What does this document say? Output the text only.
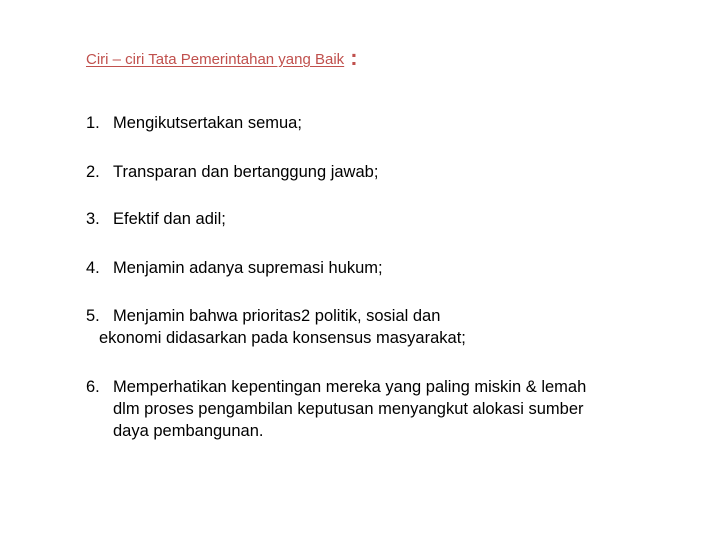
Ciri – ciri Tata Pemerintahan yang Baik :
1. Mengikutsertakan semua;
2. Transparan dan bertanggung jawab;
3. Efektif dan adil;
4. Menjamin adanya supremasi hukum;
5. Menjamin bahwa prioritas2 politik, sosial dan
ekonomi didasarkan pada konsensus masyarakat;
6. Memperhatikan kepentingan mereka yang paling miskin & lemah
dlm proses pengambilan keputusan menyangkut alokasi sumber
daya pembangunan.
